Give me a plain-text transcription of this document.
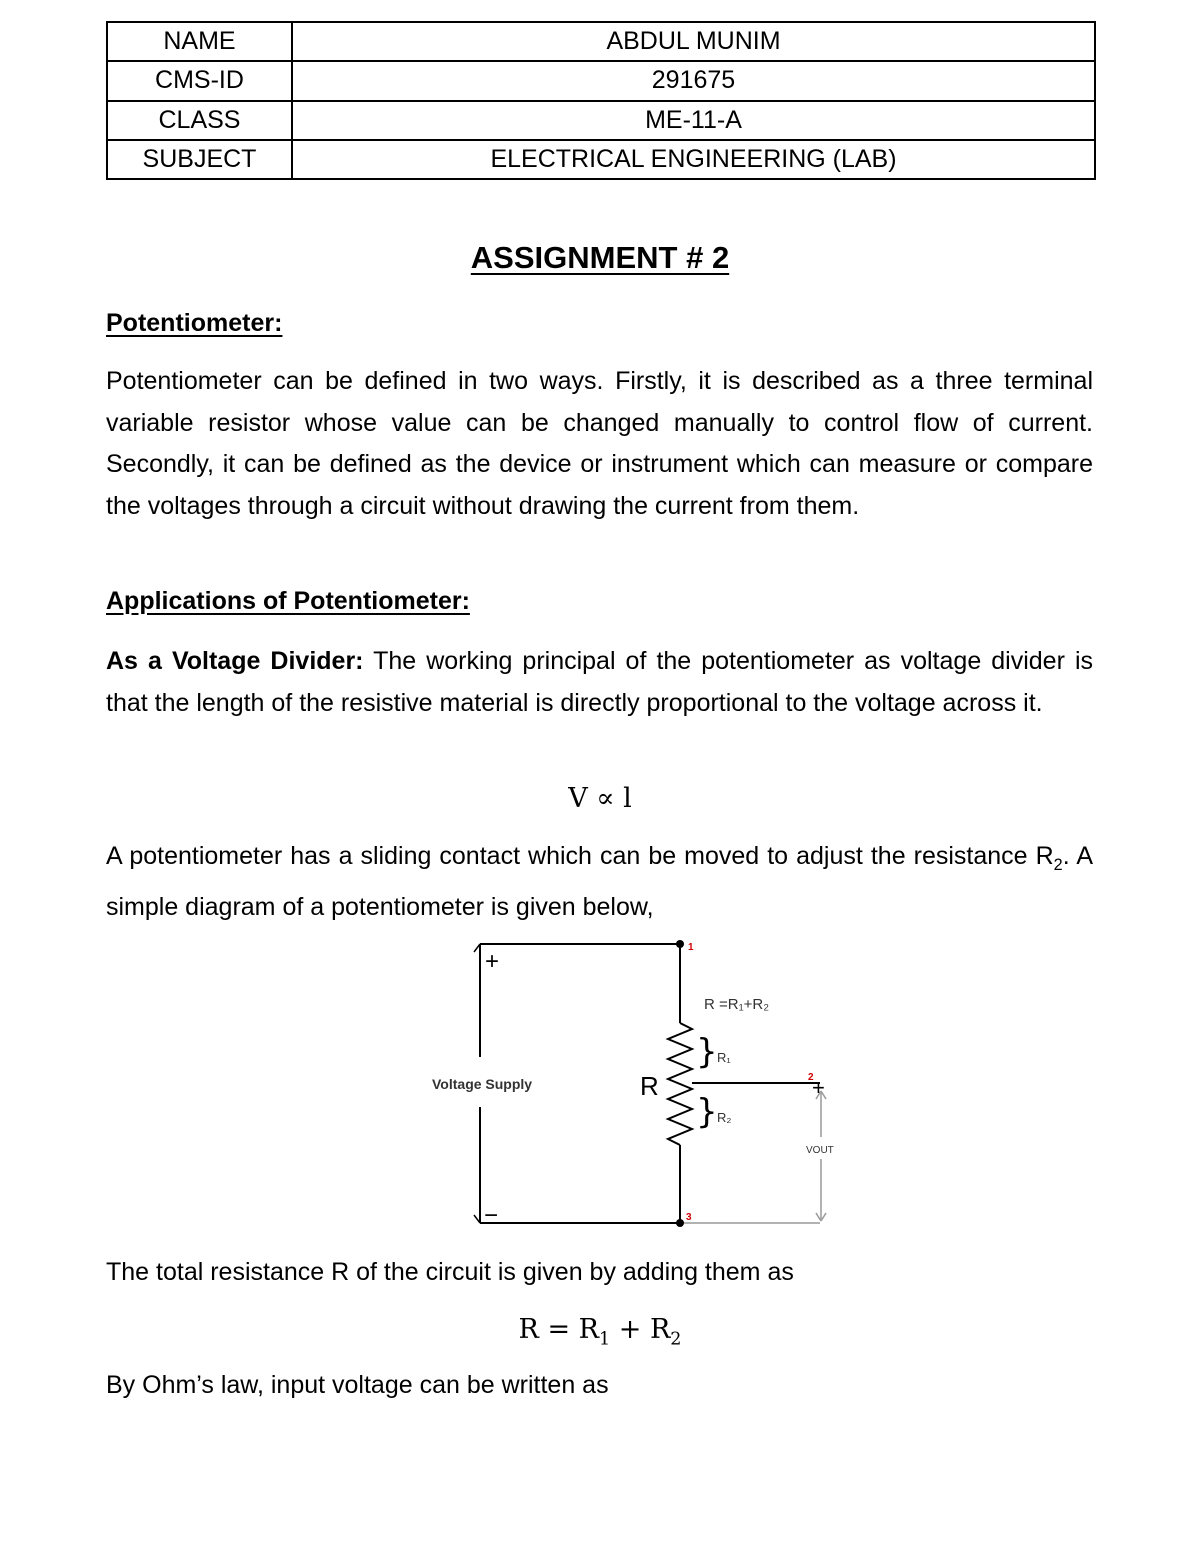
NAME	ABDUL MUNIM
CMS-ID	291675
CLASS	ME-11-A
SUBJECT	ELECTRICAL ENGINEERING (LAB)
ASSIGNMENT # 2
Potentiometer:

Potentiometer can be defined in two ways. Firstly, it is described as a three terminal variable resistor whose value can be changed manually to control flow of current. Secondly, it can be defined as the device or instrument which can measure or compare the voltages through a circuit without drawing the current from them.

Applications of Potentiometer:

As a Voltage Divider: The working principal of the potentiometer as voltage divider is that the length of the resistive material is directly proportional to the voltage across it.

V ∝ l

A potentiometer has a sliding contact which can be moved to adjust the resistance $R_2$. A simple diagram of a potentiometer is given below,

+
−
Voltage Supply	R
1
2
3
+
R =R₁+R₂
} R₁
} R₂
VOUT
The total resistance R of the circuit is given by adding them as
$R = R_1 + R_2$
By Ohm’s law, input voltage can be written as
